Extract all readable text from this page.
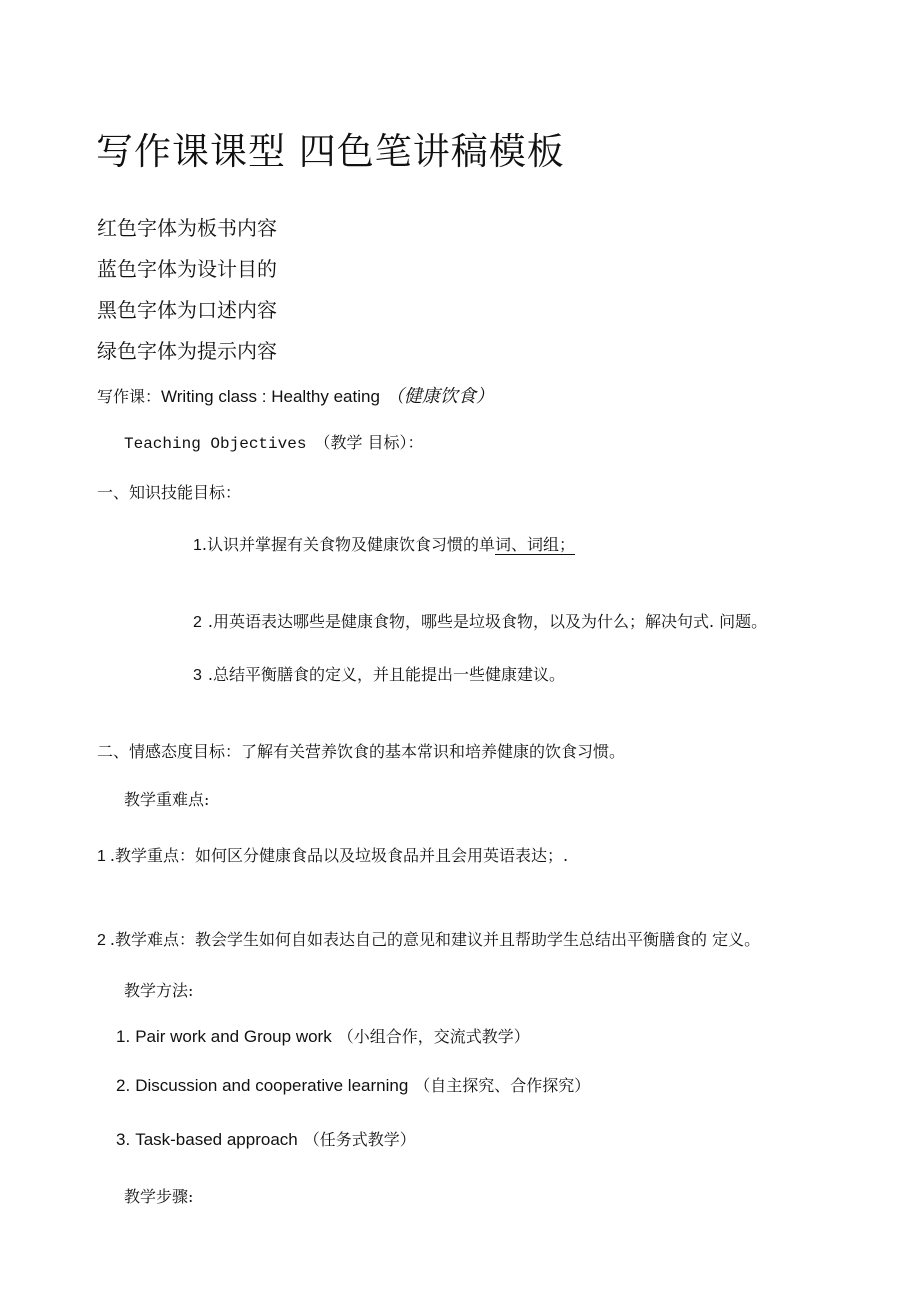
写作课课型 四色笔讲稿模板
红色字体为板书内容
蓝色字体为设计目的
黑色字体为口述内容
绿色字体为提示内容
写作课：Writing class : Healthy eating （健康饮食）
Teaching Objectives （教学 目标）：
一、知识技能目标：
1.认识并掌握有关食物及健康饮食习惯的单词、词组；
2 .用英语表达哪些是健康食物，哪些是垃圾食物，以及为什么；解决句式. 问题。
3 .总结平衡膳食的定义，并且能提出一些健康建议。
二、情感态度目标：了解有关营养饮食的基本常识和培养健康的饮食习惯。
教学重难点:
1 .教学重点：如何区分健康食品以及垃圾食品并且会用英语表达；.
2 .教学难点：教会学生如何自如表达自己的意见和建议并且帮助学生总结出平衡膳食的 定义。
教学方法:
1. Pair work and Group work （小组合作，交流式教学）
2. Discussion and cooperative learning （自主探究、合作探究）
3. Task-based approach （任务式教学）
教学步骤:
